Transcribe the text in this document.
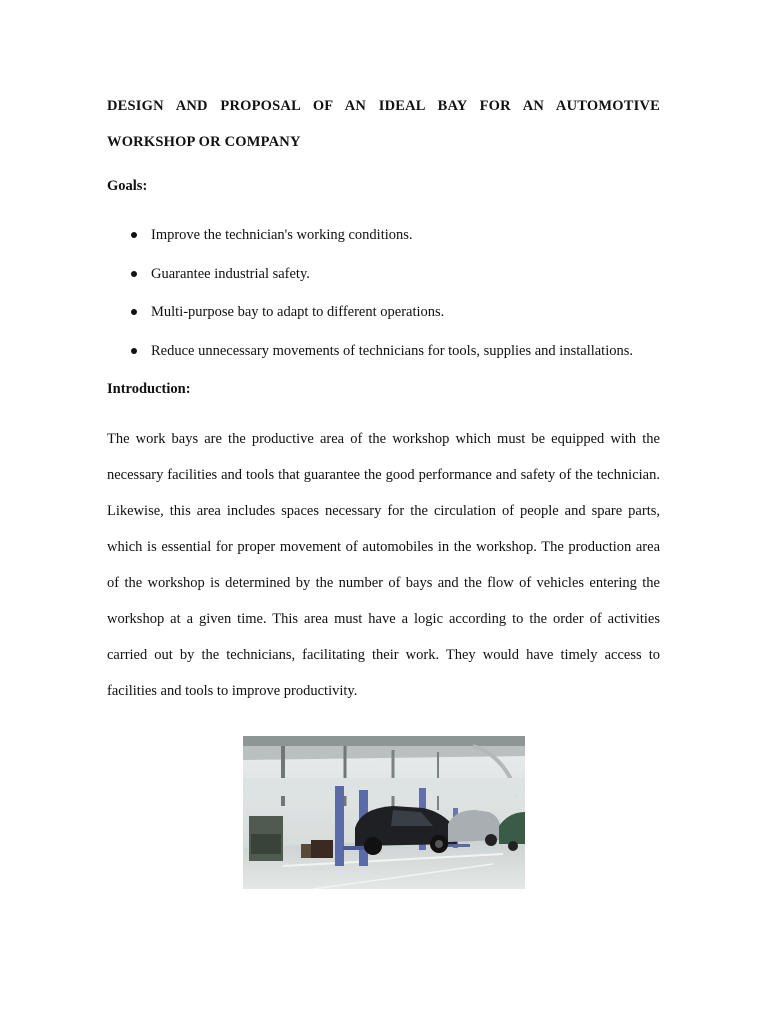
DESIGN AND PROPOSAL OF AN IDEAL BAY FOR AN AUTOMOTIVE
WORKSHOP OR COMPANY

Goals:

Improve the technician's working conditions.
Guarantee industrial safety.
Multi-purpose bay to adapt to different operations.
Reduce unnecessary movements of technicians for tools, supplies and installations.

Introduction:

The work bays are the productive area of the workshop which must be equipped with the necessary facilities and tools that guarantee the good performance and safety of the technician. Likewise, this area includes spaces necessary for the circulation of people and spare parts, which is essential for proper movement of automobiles in the workshop. The production area of the workshop is determined by the number of bays and the flow of vehicles entering the workshop at a given time. This area must have a logic according to the order of activities carried out by the technicians, facilitating their work. They would have timely access to facilities and tools to improve productivity.
